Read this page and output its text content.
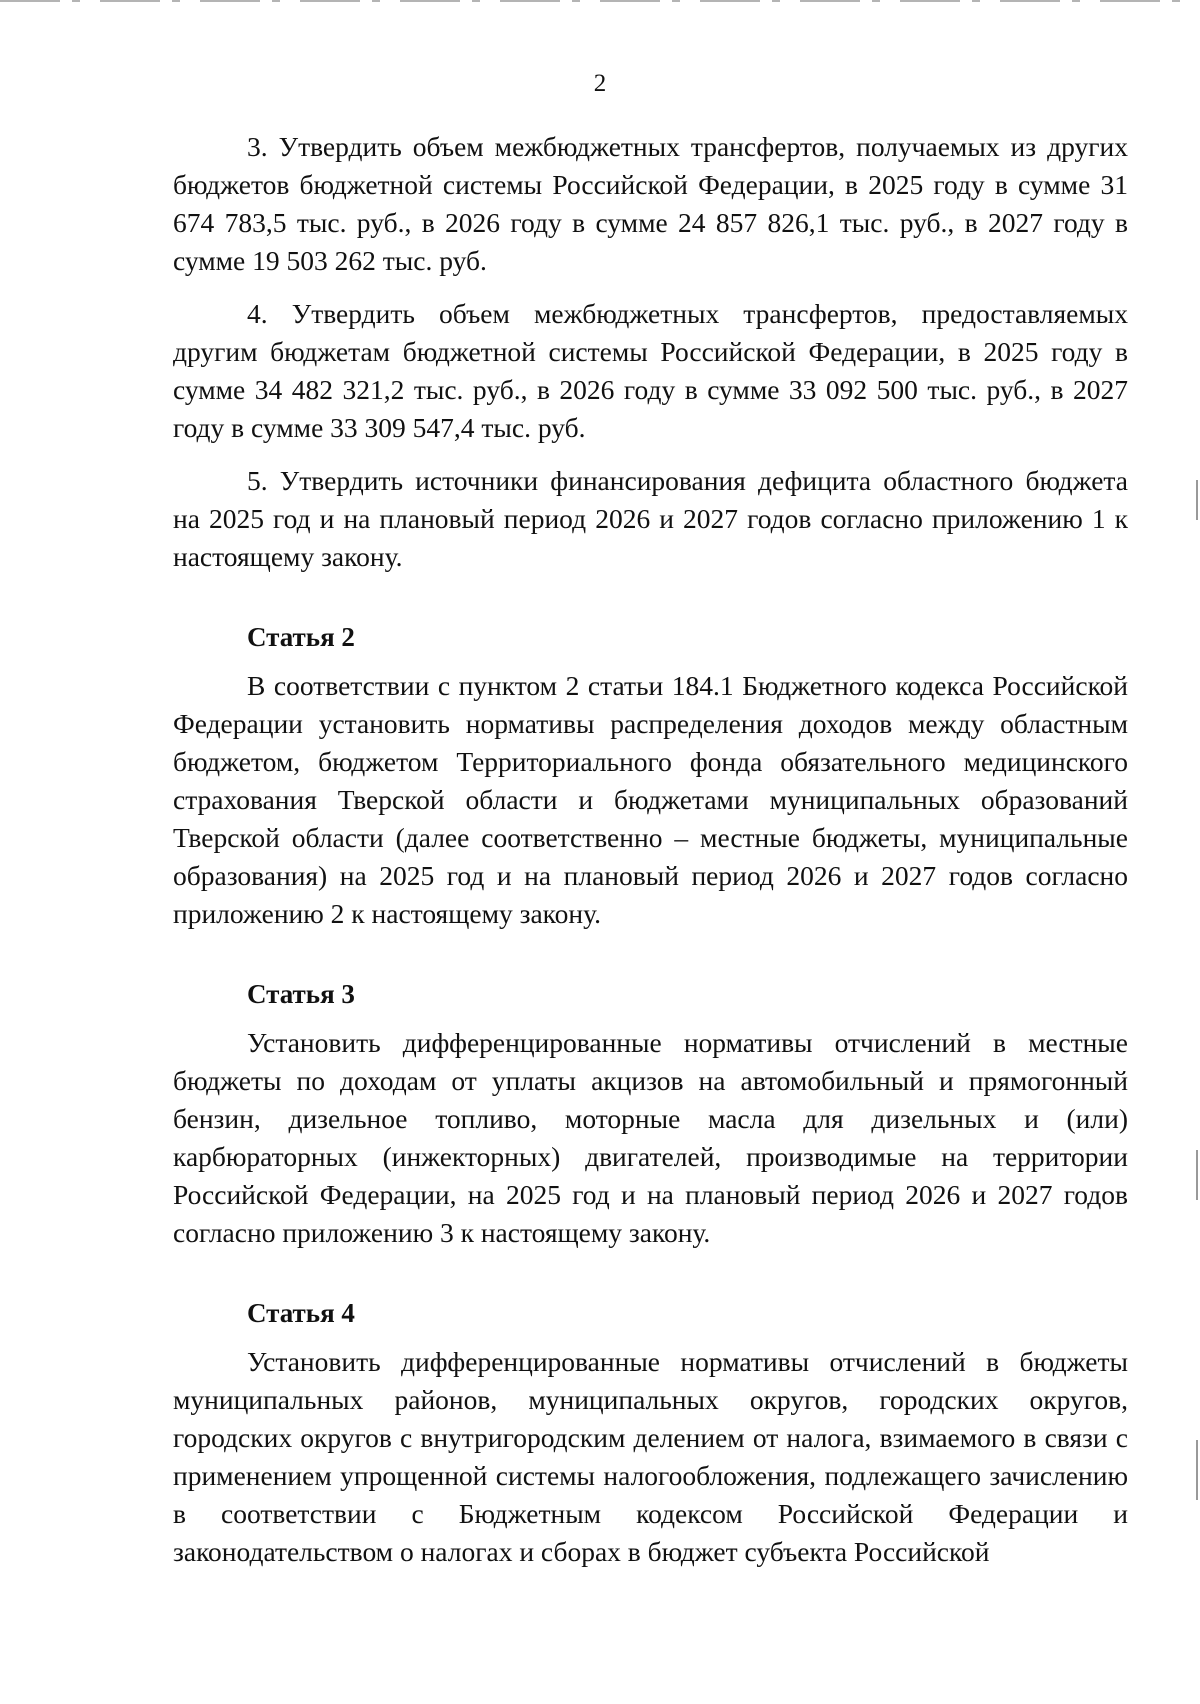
2

3. Утвердить объем межбюджетных трансфертов, получаемых из других бюджетов бюджетной системы Российской Федерации, в 2025 году в сумме 31 674 783,5 тыс. руб., в 2026 году в сумме 24 857 826,1 тыс. руб., в 2027 году в сумме 19 503 262 тыс. руб.

4. Утвердить объем межбюджетных трансфертов, предоставляемых другим бюджетам бюджетной системы Российской Федерации, в 2025 году в сумме 34 482 321,2 тыс. руб., в 2026 году в сумме 33 092 500 тыс. руб., в 2027 году в сумме 33 309 547,4 тыс. руб.

5. Утвердить источники финансирования дефицита областного бюджета на 2025 год и на плановый период 2026 и 2027 годов согласно приложению 1 к настоящему закону.

Статья 2

В соответствии с пунктом 2 статьи 184.1 Бюджетного кодекса Российской Федерации установить нормативы распределения доходов между областным бюджетом, бюджетом Территориального фонда обязательного медицинского страхования Тверской области и бюджетами муниципальных образований Тверской области (далее соответственно – местные бюджеты, муниципальные образования) на 2025 год и на плановый период 2026 и 2027 годов согласно приложению 2 к настоящему закону.

Статья 3

Установить дифференцированные нормативы отчислений в местные бюджеты по доходам от уплаты акцизов на автомобильный и прямогонный бензин, дизельное топливо, моторные масла для дизельных и (или) карбюраторных (инжекторных) двигателей, производимые на территории Российской Федерации, на 2025 год и на плановый период 2026 и 2027 годов согласно приложению 3 к настоящему закону.

Статья 4

Установить дифференцированные нормативы отчислений в бюджеты муниципальных районов, муниципальных округов, городских округов, городских округов с внутригородским делением от налога, взимаемого в связи с применением упрощенной системы налогообложения, подлежащего зачислению в соответствии с Бюджетным кодексом Российской Федерации и законодательством о налогах и сборах в бюджет субъекта Российской
